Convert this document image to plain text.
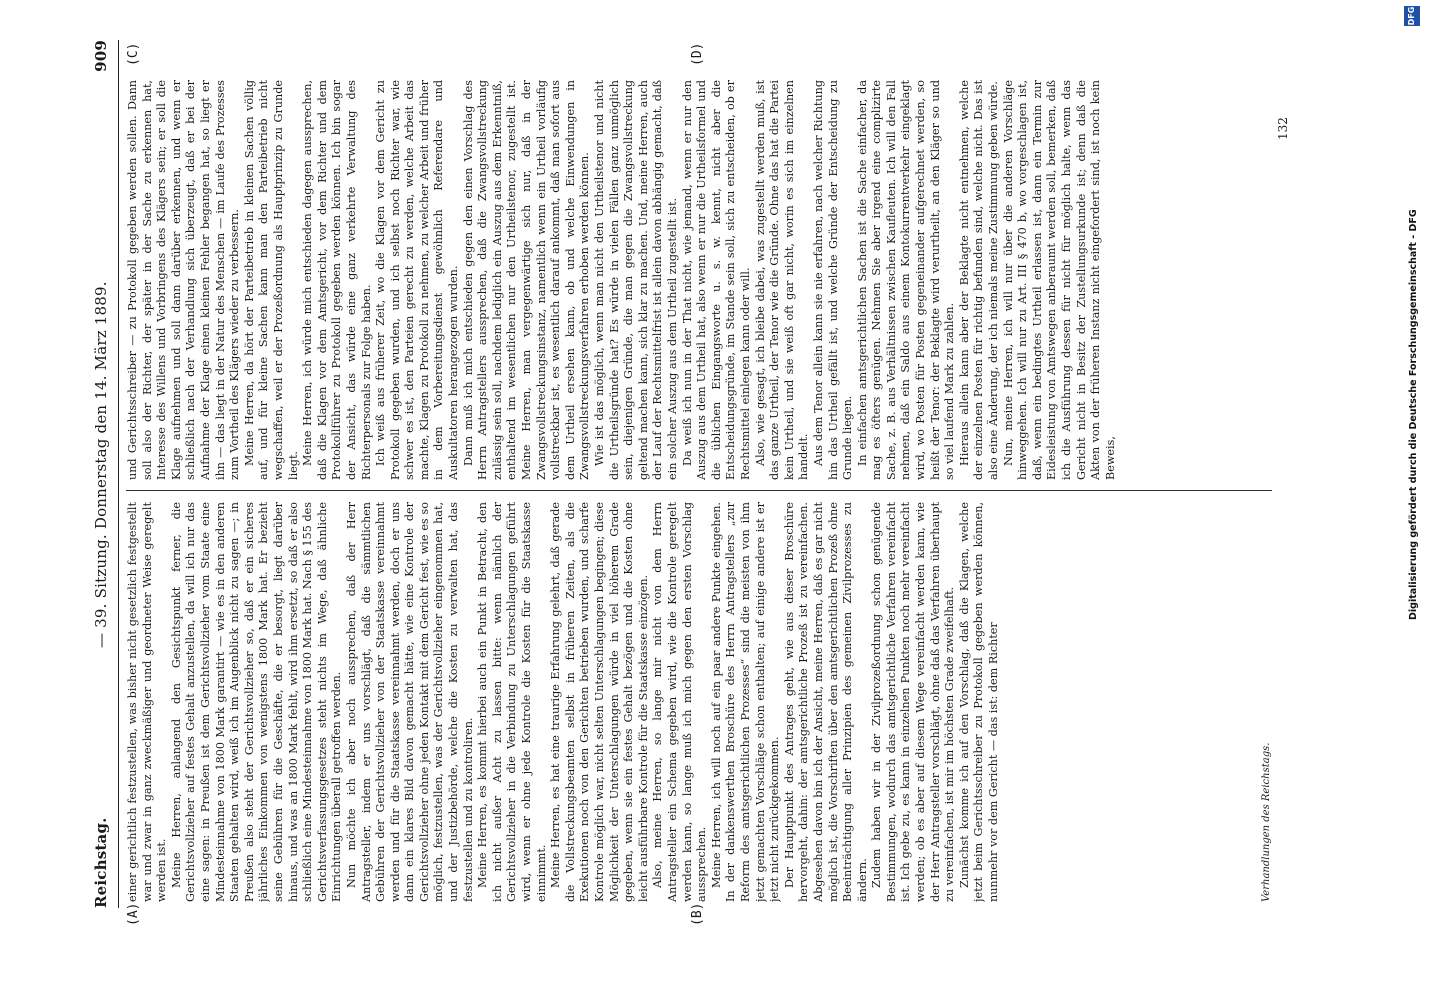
Reichstag.
— 39. Sitzung. Donnerstag den 14. März 1889.
909
(A)	(B)
(C)	(D)

einer gerichtlich festzustellen, was bisher nicht gesetzlich festgestellt war und zwar in ganz zweckmäßiger und geordneter Weise geregelt werden ist. Meine Herren, anlangend den Gesichtspunkt ferner, die Gerichtsvollzieher auf festes Gehalt anzustellen, da will ich nur das eine sagen: in Preußen ist dem Gerichtsvollzieher vom Staate eine Mindesteinnahme von 1800 Mark garantirt — wie es in den anderen Staaten gehalten wird, weiß ich im Augenblick nicht zu sagen —; in Preußen also steht der Gerichtsvollzieher so, daß er ein sicheres jährliches Einkommen von wenigstens 1800 Mark hat. Er bezieht seine Gebühren für die Geschäfte, die er besorgt, liegt darüber hinaus, und was an 1800 Mark fehlt, wird ihm ersetzt, so daß er also schließlich eine Mindesteinnahme von 1800 Mark hat. Nach § 155 des Gerichtsverfassungsgesetzes steht nichts im Wege, daß ähnliche Einrichtungen überall getroffen werden. Nun möchte ich aber noch aussprechen, daß der Herr Antragsteller, indem er uns vorschlägt, daß die sämmtlichen Gebühren der Gerichtsvollzieher von der Staatskasse vereinnahmt werden und für die Staatskasse vereinnahmt werden, doch er uns dann ein klares Bild davon gemacht hätte, wie eine Kontrole der Gerichtsvollzieher ohne jeden Kontakt mit dem Gericht fest, wie es so möglich, festzustellen, was der Gerichtsvollzieher eingenommen hat, und der Justizbehörde, welche die Kosten zu verwalten hat, das festzustellen und zu kontroliren. Meine Herren, es kommt hierbei auch ein Punkt in Betracht, den ich nicht außer Acht zu lassen bitte: wenn nämlich der Gerichtsvollzieher in die Verbindung zu Unterschlagungen geführt wird, wenn er ohne jede Kontrole die Kosten für die Staatskasse einnimmt. Meine Herren, es hat eine traurige Erfahrung gelehrt, daß gerade die Vollstreckungsbeamten selbst in früheren Zeiten, als die Exekutionen noch von den Gerichten betrieben wurden, und scharfe Kontrole möglich war, nicht selten Unterschlagungen begingen; diese Möglichkeit der Unterschlagungen würde in viel höherem Grade gegeben, wenn sie ein festes Gehalt bezögen und die Kosten ohne leicht ausführbare Kontrole für die Staatskasse einzögen. Also, meine Herren, so lange mir nicht von dem Herrn Antragsteller ein Schema gegeben wird, wie die Kontrole geregelt werden kann, so lange muß ich mich gegen den ersten Vorschlag aussprechen. Meine Herren, ich will noch auf ein paar andere Punkte eingehen. In der dankenswerthen Broschüre des Herrn Antragstellers „zur Reform des amtsgerichtlichen Prozesses“ sind die meisten von ihm jetzt gemachten Vorschläge schon enthalten; auf einige andere ist er jetzt nicht zurückgekommen. Der Hauptpunkt des Antrages geht, wie aus dieser Broschüre hervorgeht, dahin: der amtsgerichtliche Prozeß ist zu vereinfachen. Abgesehen davon bin ich der Ansicht, meine Herren, daß es gar nicht möglich ist, die Vorschriften über den amtsgerichtlichen Prozeß ohne Beeinträchtigung aller Prinzipien des gemeinen Zivilprozesses zu ändern. Zudem haben wir in der Zivilprozeßordnung schon genügende Bestimmungen, wodurch das amtsgerichtliche Verfahren vereinfacht ist. Ich gebe zu, es kann in einzelnen Punkten noch mehr vereinfacht werden; ob es aber auf diesem Wege vereinfacht werden kann, wie der Herr Antragsteller vorschlägt, ohne daß das Verfahren überhaupt zu vereinfachen, ist mir im höchsten Grade zweifelhaft. Zunächst komme ich auf den Vorschlag, daß die Klagen, welche jetzt beim Gerichtsschreiber zu Protokoll gegeben werden können, nunmehr vor dem Gericht — das ist: dem Richter

und Gerichtsschreiber — zu Protokoll gegeben werden sollen. Dann soll also der Richter, der später in der Sache zu erkennen hat, Interesse des Willens und Vorbringens des Klägers sein; er soll die Klage aufnehmen und soll dann darüber erkennen, und wenn er schließlich nach der Verhandlung sich überzeugt, daß er bei der Aufnahme der Klage einen kleinen Fehler begangen hat, so liegt er ihn — das liegt in der Natur des Menschen — im Laufe des Prozesses zum Vortheil des Klägers wieder zu verbessern. Meine Herren, da hört der Parteibetrieb in kleinen Sachen völlig auf, und für kleine Sachen kann man den Parteibetrieb nicht wegschaffen, weil er der Prozeßordnung als Hauptprinzip zu Grunde liegt. Meine Herren, ich würde mich entschieden dagegen aussprechen, daß die Klagen vor dem Amtsgericht, vor dem Richter und dem Protokollführer zu Protokoll gegeben werden können. Ich bin sogar der Ansicht, das würde eine ganz verkehrte Verwaltung des Richterpersonals zur Folge haben. Ich weiß aus früherer Zeit, wo die Klagen vor dem Gericht zu Protokoll gegeben wurden, und ich selbst noch Richter war, wie schwer es ist, den Parteien gerecht zu werden, welche Arbeit das machte, Klagen zu Protokoll zu nehmen, zu welcher Arbeit und früher in dem Vorbereitungsdienst gewöhnlich Referendare und Auskultatoren herangezogen wurden. Dann muß ich mich entschieden gegen den einen Vorschlag des Herrn Antragstellers aussprechen, daß die Zwangsvollstreckung zulässig sein soll, nachdem lediglich ein Auszug aus dem Erkenntniß, enthaltend im wesentlichen nur den Urtheilstenor, zugestellt ist. Meine Herren, man vergegenwärtige sich nur, daß in der Zwangsvollstreckungsinstanz, namentlich wenn ein Urtheil vorläufig vollstreckbar ist, es wesentlich darauf ankommt, daß man sofort aus dem Urtheil ersehen kann, ob und welche Einwendungen in Zwangsvollstreckungsverfahren erhoben werden können. Wie ist das möglich, wenn man nicht den Urtheilstenor und nicht die Urtheilsgründe hat? Es würde in vielen Fällen ganz unmöglich sein, diejenigen Gründe, die man gegen die Zwangsvollstreckung geltend machen kann, sich klar zu machen. Und, meine Herren, auch der Lauf der Rechtsmittelfrist ist allein davon abhängig gemacht, daß ein solcher Auszug aus dem Urtheil zugestellt ist. Da weiß ich nun in der That nicht, wie jemand, wenn er nur den Auszug aus dem Urtheil hat, also wenn er nur die Urtheilsformel und die üblichen Eingangsworte u. s. w. kennt, nicht aber die Entscheidungsgründe, im Stande sein soll, sich zu entscheiden, ob er Rechtsmittel einlegen kann oder will. Also, wie gesagt, ich bleibe dabei, was zugestellt werden muß, ist das ganze Urtheil, der Tenor wie die Gründe. Ohne das hat die Partei kein Urtheil, und sie weiß oft gar nicht, worin es sich im einzelnen handelt. Aus dem Tenor allein kann sie nie erfahren, nach welcher Richtung hin das Urtheil gefällt ist, und welche Gründe der Entscheidung zu Grunde liegen. In einfachen amtsgerichtlichen Sachen ist die Sache einfacher, da mag es öfters genügen. Nehmen Sie aber irgend eine complizirte Sache, z. B. aus Verhältnissen zwischen Kaufleuten. Ich will den Fall nehmen, daß ein Saldo aus einem Kontokurrentverkehr eingeklagt wird, wo Posten für Posten gegeneinander aufgerechnet werden, so heißt der Tenor: der Beklagte wird verurtheilt, an den Kläger so und so viel laufend Mark zu zahlen. Hieraus allein kann aber der Beklagte nicht entnehmen, welche der einzelnen Posten für richtig befunden sind, welche nicht. Das ist also eine Änderung, der ich niemals meine Zustimmung geben würde. Nun, meine Herren, ich will nur über die anderen Vorschläge hinweggehen. Ich will nur zu Art. III § 470 b, wo vorgeschlagen ist, daß, wenn ein bedingtes Urtheil erlassen ist, dann ein Termin zur Eidesleistung von Amtswegen anberaumt werden soll, bemerken, daß ich die Ausführung dessen für nicht für möglich halte, wenn das Gericht nicht in Besitz der Zustellungsurkunde ist; denn daß die Akten von der früheren Instanz nicht eingefordert sind, ist noch kein Beweis,

Verhandlungen des Reichstags.
132
Digitalisierung gefördert durch die Deutsche Forschungsgemeinschaft - DFG
DFG
